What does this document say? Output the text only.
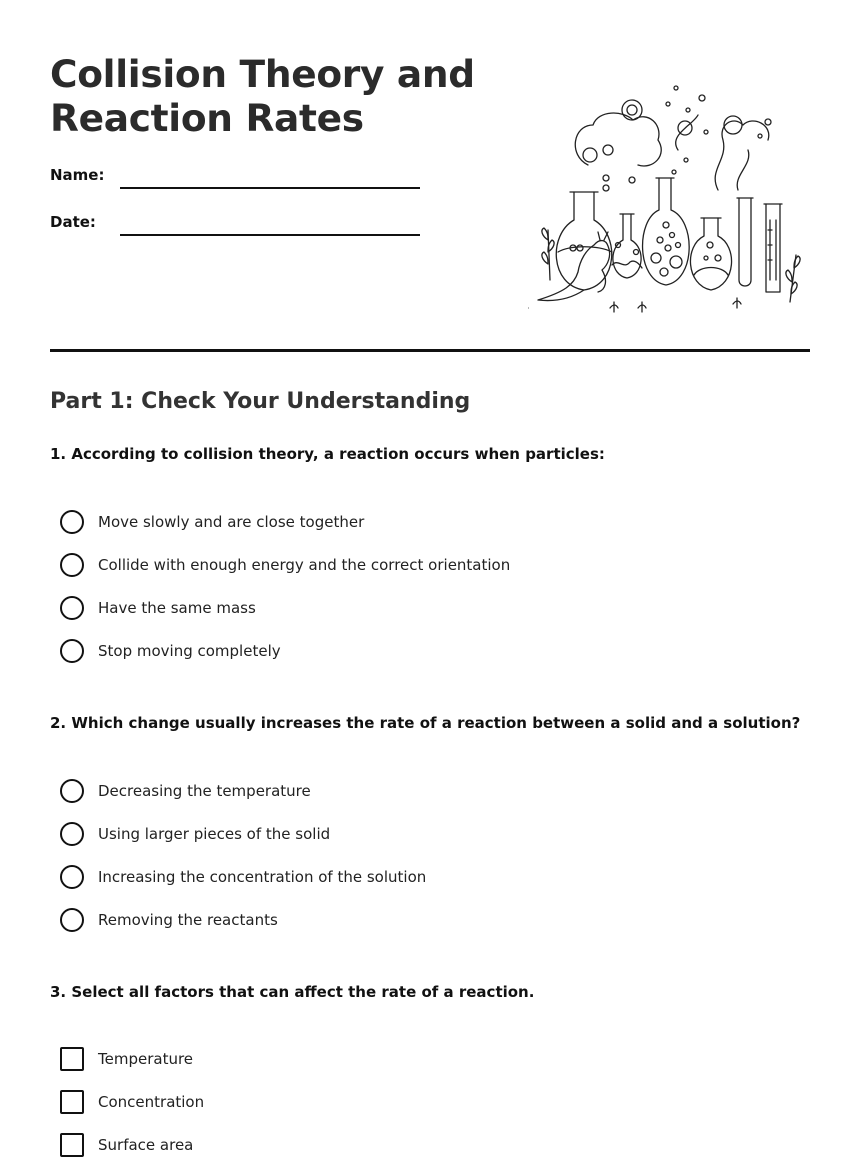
Collision Theory and
Reaction Rates
Name:
Date:
Part 1: Check Your Understanding

1. According to collision theory, a reaction occurs when particles:

Move slowly and are close together
Collide with enough energy and the correct orientation
Have the same mass
Stop moving completely

2. Which change usually increases the rate of a reaction between a solid and a solution?

Decreasing the temperature
Using larger pieces of the solid
Increasing the concentration of the solution
Removing the reactants

3. Select all factors that can affect the rate of a reaction.

Temperature
Concentration
Surface area
